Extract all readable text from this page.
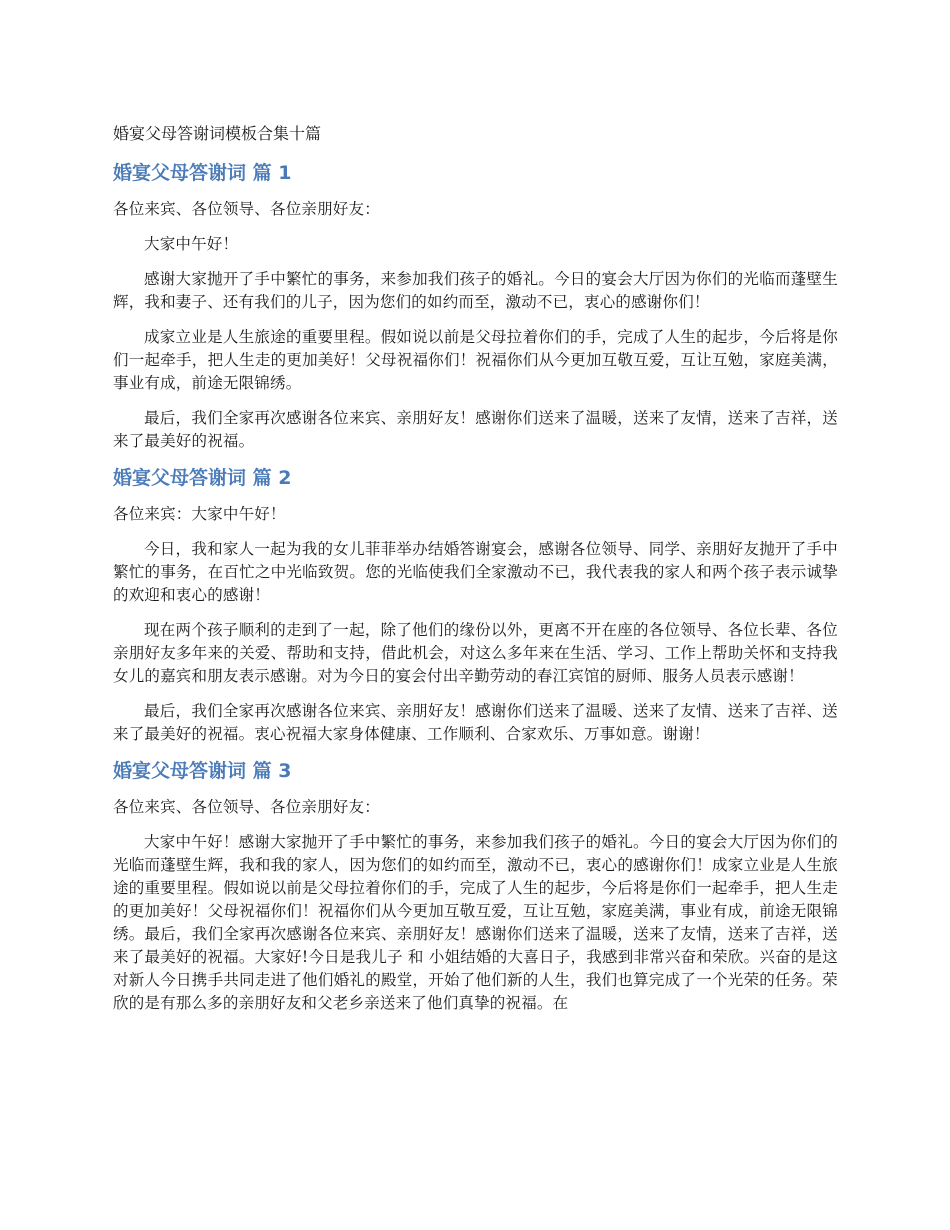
婚宴父母答谢词模板合集十篇
婚宴父母答谢词 篇 1

各位来宾、各位领导、各位亲朋好友：

大家中午好！

感谢大家抛开了手中繁忙的事务，来参加我们孩子的婚礼。今日的宴会大厅因为你们的光临而蓬壁生辉，我和妻子、还有我们的儿子，因为您们的如约而至，激动不已，衷心的感谢你们！

成家立业是人生旅途的重要里程。假如说以前是父母拉着你们的手，完成了人生的起步，今后将是你们一起牵手，把人生走的更加美好！父母祝福你们！祝福你们从今更加互敬互爱，互让互勉，家庭美满，事业有成，前途无限锦绣。

最后，我们全家再次感谢各位来宾、亲朋好友！感谢你们送来了温暖，送来了友情，送来了吉祥，送来了最美好的祝福。

婚宴父母答谢词 篇 2

各位来宾：大家中午好！

今日，我和家人一起为我的女儿菲菲举办结婚答谢宴会，感谢各位领导、同学、亲朋好友抛开了手中繁忙的事务，在百忙之中光临致贺。您的光临使我们全家激动不已，我代表我的家人和两个孩子表示诚挚的欢迎和衷心的感谢！

现在两个孩子顺利的走到了一起，除了他们的缘份以外，更离不开在座的各位领导、各位长辈、各位亲朋好友多年来的关爱、帮助和支持，借此机会，对这么多年来在生活、学习、工作上帮助关怀和支持我女儿的嘉宾和朋友表示感谢。对为今日的宴会付出辛勤劳动的春江宾馆的厨师、服务人员表示感谢！

最后，我们全家再次感谢各位来宾、亲朋好友！感谢你们送来了温暖、送来了友情、送来了吉祥、送来了最美好的祝福。衷心祝福大家身体健康、工作顺利、合家欢乐、万事如意。谢谢！

婚宴父母答谢词 篇 3

各位来宾、各位领导、各位亲朋好友：

大家中午好！感谢大家抛开了手中繁忙的事务，来参加我们孩子的婚礼。今日的宴会大厅因为你们的光临而蓬壁生辉，我和我的家人，因为您们的如约而至，激动不已，衷心的感谢你们！成家立业是人生旅途的重要里程。假如说以前是父母拉着你们的手，完成了人生的起步，今后将是你们一起牵手，把人生走的更加美好！父母祝福你们！祝福你们从今更加互敬互爱，互让互勉，家庭美满，事业有成，前途无限锦绣。最后，我们全家再次感谢各位来宾、亲朋好友！感谢你们送来了温暖，送来了友情，送来了吉祥，送来了最美好的祝福。大家好!今日是我儿子 和 小姐结婚的大喜日子，我感到非常兴奋和荣欣。兴奋的是这对新人今日携手共同走进了他们婚礼的殿堂，开始了他们新的人生，我们也算完成了一个光荣的任务。荣欣的是有那么多的亲朋好友和父老乡亲送来了他们真挚的祝福。在
